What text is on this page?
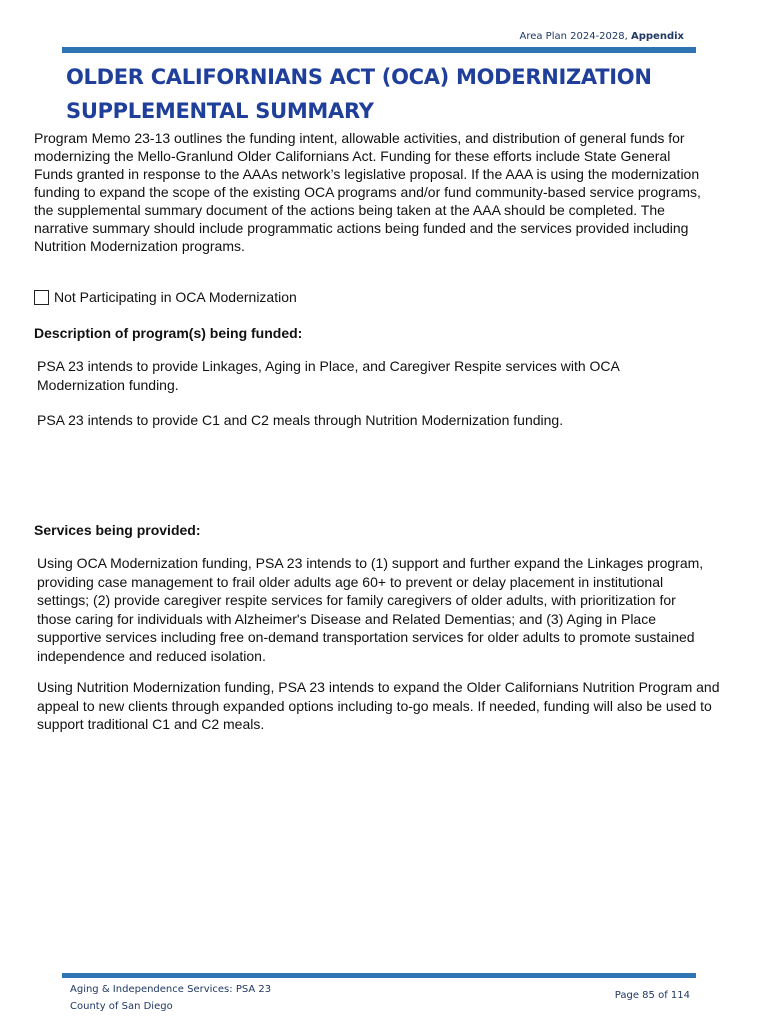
Area Plan 2024-2028, Appendix
OLDER CALIFORNIANS ACT (OCA) MODERNIZATION
SUPPLEMENTAL SUMMARY
Program Memo 23-13 outlines the funding intent, allowable activities, and distribution of general funds for modernizing the Mello-Granlund Older Californians Act. Funding for these efforts include State General Funds granted in response to the AAAs network’s legislative proposal. If the AAA is using the modernization funding to expand the scope of the existing OCA programs and/or fund community-based service programs, the supplemental summary document of the actions being taken at the AAA should be completed. The narrative summary should include programmatic actions being funded and the services provided including Nutrition Modernization programs.
Not Participating in OCA Modernization
Description of program(s) being funded:
PSA 23 intends to provide Linkages, Aging in Place, and Caregiver Respite services with OCA Modernization funding.
PSA 23 intends to provide C1 and C2 meals through Nutrition Modernization funding.
Services being provided:
Using OCA Modernization funding, PSA 23 intends to (1) support and further expand the Linkages program, providing case management to frail older adults age 60+ to prevent or delay placement in institutional settings; (2) provide caregiver respite services for family caregivers of older adults, with prioritization for those caring for individuals with Alzheimer's Disease and Related Dementias; and (3) Aging in Place supportive services including free on-demand transportation services for older adults to promote sustained independence and reduced isolation.
Using Nutrition Modernization funding, PSA 23 intends to expand the Older Californians Nutrition Program and appeal to new clients through expanded options including to-go meals. If needed, funding will also be used to support traditional C1 and C2 meals.
Aging & Independence Services: PSA 23
County of San Diego
Page 85 of 114
